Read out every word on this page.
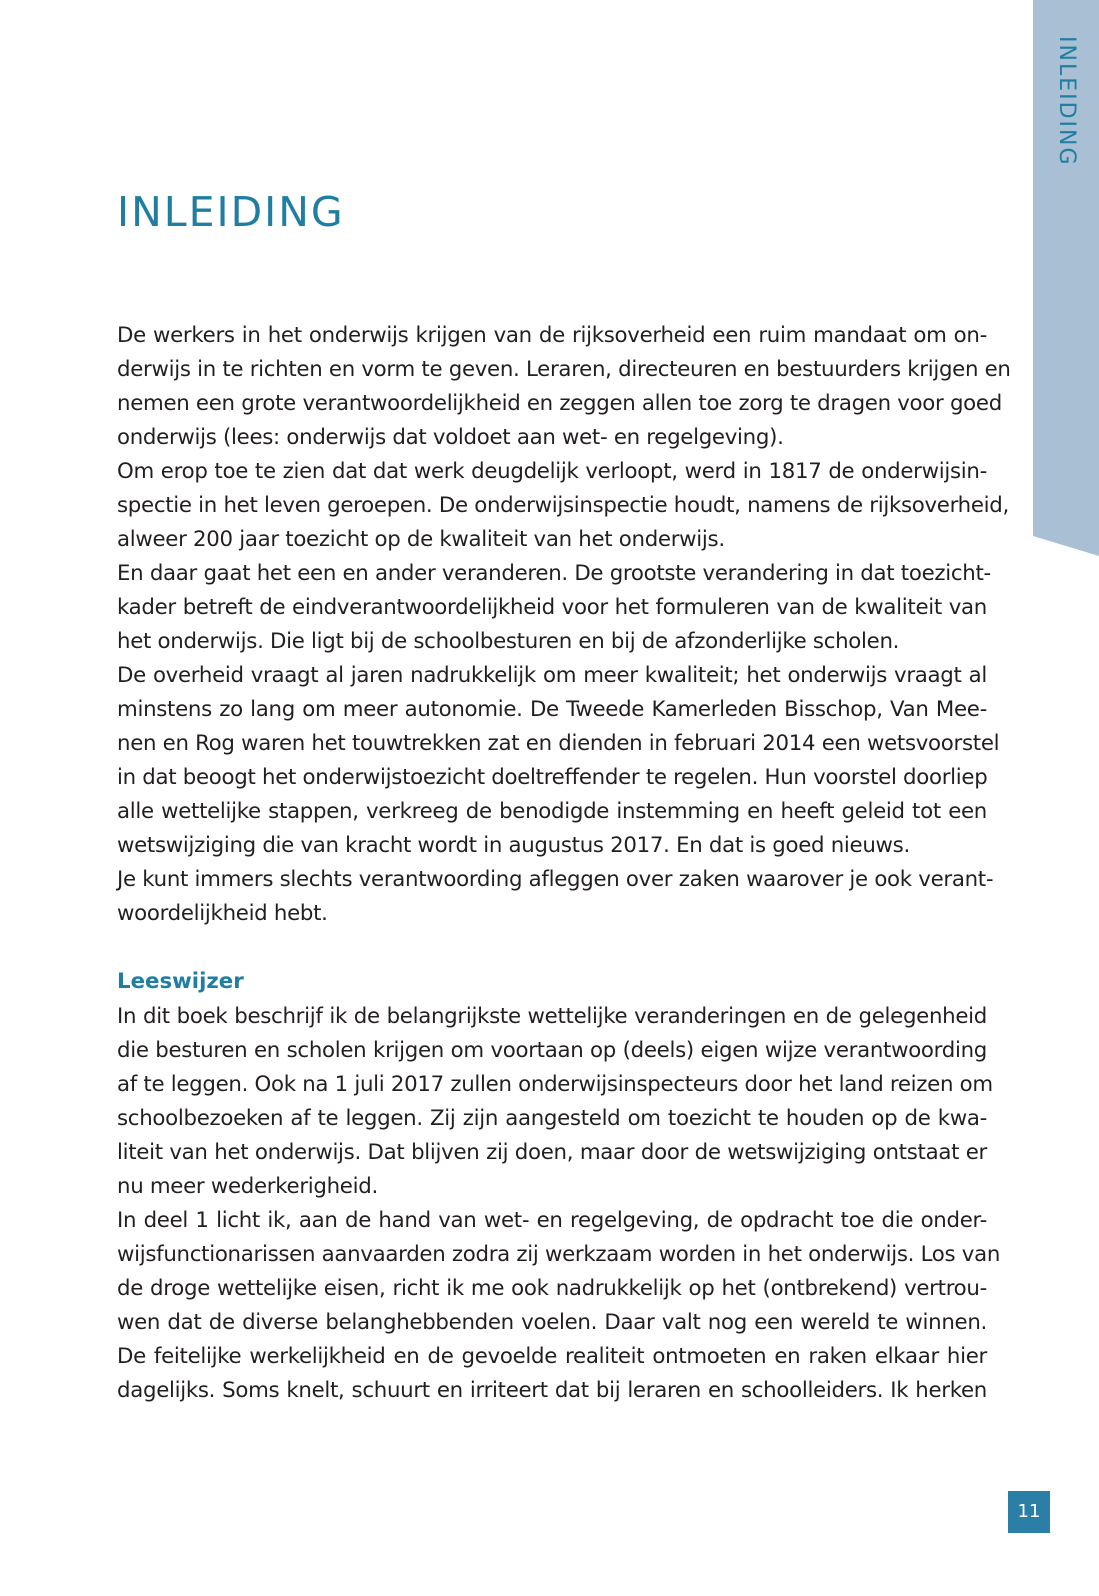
INLEIDING
INLEIDING
De werkers in het onderwijs krijgen van de rijksoverheid een ruim mandaat om on-
derwijs in te richten en vorm te geven. Leraren, directeuren en bestuurders krijgen en
nemen een grote verantwoordelijkheid en zeggen allen toe zorg te dragen voor goed
onderwijs (lees: onderwijs dat voldoet aan wet- en regelgeving).
Om erop toe te zien dat dat werk deugdelijk verloopt, werd in 1817 de onderwijsin-
spectie in het leven geroepen. De onderwijsinspectie houdt, namens de rijksoverheid,
alweer 200 jaar toezicht op de kwaliteit van het onderwijs.
En daar gaat het een en ander veranderen. De grootste verandering in dat toezicht-
kader betreft de eindverantwoordelijkheid voor het formuleren van de kwaliteit van
het onderwijs. Die ligt bij de schoolbesturen en bij de afzonderlijke scholen.
De overheid vraagt al jaren nadrukkelijk om meer kwaliteit; het onderwijs vraagt al
minstens zo lang om meer autonomie. De Tweede Kamerleden Bisschop, Van Mee-
nen en Rog waren het touwtrekken zat en dienden in februari 2014 een wetsvoorstel
in dat beoogt het onderwijstoezicht doeltreffender te regelen. Hun voorstel doorliep
alle wettelijke stappen, verkreeg de benodigde instemming en heeft geleid tot een
wetswijziging die van kracht wordt in augustus 2017. En dat is goed nieuws.
Je kunt immers slechts verantwoording afleggen over zaken waarover je ook verant-
woordelijkheid hebt.
Leeswijzer
In dit boek beschrijf ik de belangrijkste wettelijke veranderingen en de gelegenheid
die besturen en scholen krijgen om voortaan op (deels) eigen wijze verantwoording
af te leggen. Ook na 1 juli 2017 zullen onderwijsinspecteurs door het land reizen om
schoolbezoeken af te leggen. Zij zijn aangesteld om toezicht te houden op de kwa-
liteit van het onderwijs. Dat blijven zij doen, maar door de wetswijziging ontstaat er
nu meer wederkerigheid.
In deel 1 licht ik, aan de hand van wet- en regelgeving, de opdracht toe die onder-
wijsfunctionarissen aanvaarden zodra zij werkzaam worden in het onderwijs. Los van
de droge wettelijke eisen, richt ik me ook nadrukkelijk op het (ontbrekend) vertrou-
wen dat de diverse belanghebbenden voelen. Daar valt nog een wereld te winnen.
De feitelijke werkelijkheid en de gevoelde realiteit ontmoeten en raken elkaar hier
dagelijks. Soms knelt, schuurt en irriteert dat bij leraren en schoolleiders. Ik herken
11
